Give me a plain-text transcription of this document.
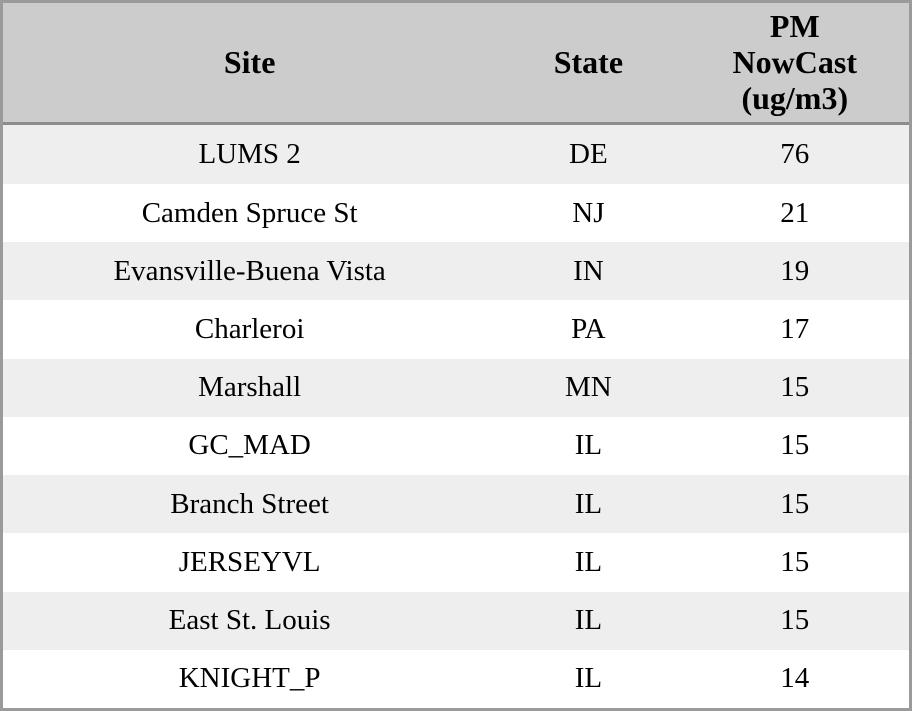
Site	State	PM
NowCast
(ug/m3)

LUMS 2	DE	76
Camden Spruce St	NJ	21
Evansville-Buena Vista	IN	19
Charleroi	PA	17
Marshall	MN	15
GC_MAD	IL	15
Branch Street	IL	15
JERSEYVL	IL	15
East St. Louis	IL	15
KNIGHT_P	IL	14
